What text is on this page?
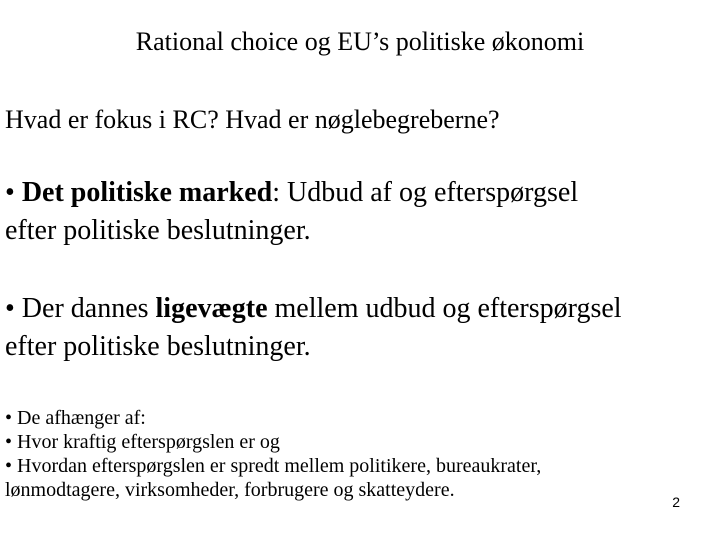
Rational choice og EU’s politiske økonomi
Hvad er fokus i RC? Hvad er nøglebegreberne?
• Det politiske marked: Udbud af og efterspørgsel
efter politiske beslutninger.
• Der dannes ligevægte mellem udbud og efterspørgsel
efter politiske beslutninger.
• De afhænger af:
• Hvor kraftig efterspørgslen er og
• Hvordan efterspørgslen er spredt mellem politikere, bureaukrater,
lønmodtagere, virksomheder, forbrugere og skatteydere.
2
